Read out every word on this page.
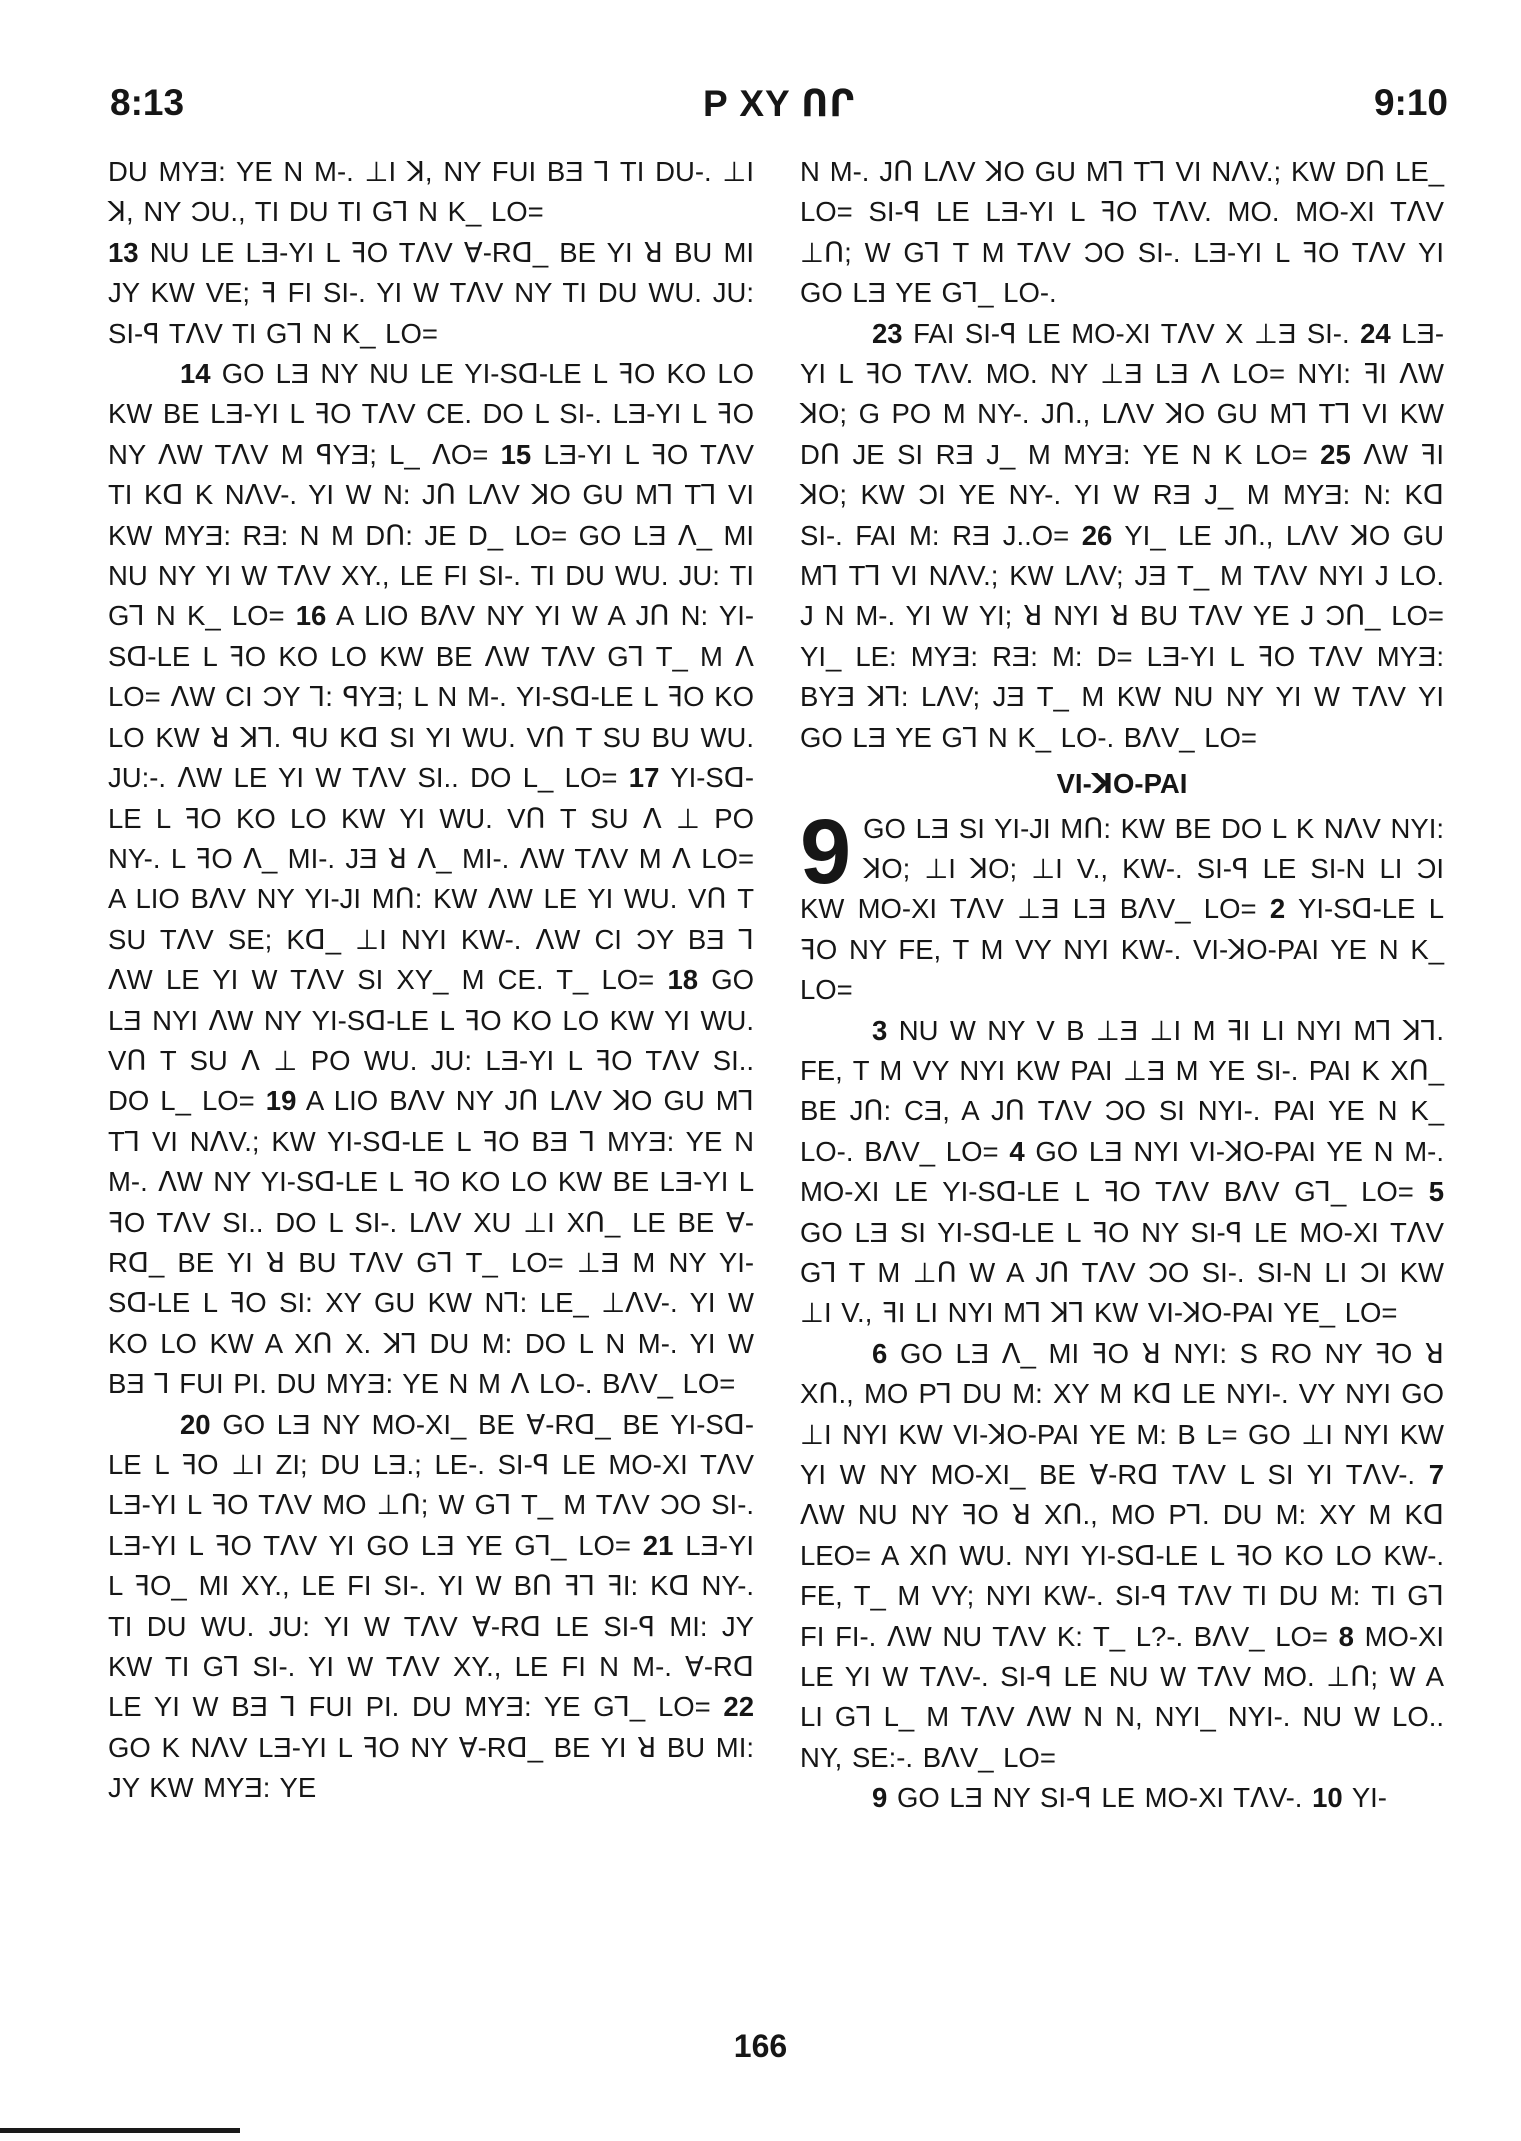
8:13	P XY ՈՐ	9:10

DU MYƎ: YE N M-. ⊥I ꓘ, NY FUI BƎ ⅂ TI DU-. ⊥I ꓘ, NY ƆU., TI DU TI G⅂ N K_ LO=

13 NU LE LƎ-YI L ꟻO TꓥV ꓯ-Rꓷ_ BE YI ꓤ BU MI JY KW VE; ꟻ FI SI-. YI W TꓥV NY TI DU WU. JU: SI-ꟼ TꓥV TI G⅂ N K_ LO=

14 GO LƎ NY NU LE YI-Sꓷ-LE L ꟻO KO LO KW BE LƎ-YI L ꟻO TꓥV CE. DO L SI-. LƎ-YI L ꟻO NY ꓥW TꓥV M ꟼYƎ; L_ ꓥO= 15 LƎ-YI L ꟻO TꓥV TI Kꓷ K NꓥV-. YI W N: JՈ LꓥV ꓘO GU M⅂ T⅂ VI KW MYƎ: RƎ: N M DՈ: JE D_ LO= GO LƎ ꓥ_ MI NU NY YI W TꓥV XY., LE FI SI-. TI DU WU. JU: TI G⅂ N K_ LO= 16 A LIO BꓥV NY YI W A JՈ N: YI-Sꓷ-LE L ꟻO KO LO KW BE ꓥW TꓥV G⅂ T_ M ꓥ LO= ꓥW CI ƆY ⅂: ꟼYƎ; L N M-. YI-Sꓷ-LE L ꟻO KO LO KW ꓤ ꓘ⅂. ꟼU Kꓷ SI YI WU. VՈ T SU BU WU. JU:-. ꓥW LE YI W TꓥV SI.. DO L_ LO= 17 YI-Sꓷ-LE L ꟻO KO LO KW YI WU. VՈ T SU ꓥ ⊥ PO NY-. L ꟻO ꓥ_ MI-. JƎ ꓤ ꓥ_ MI-. ꓥW TꓥV M ꓥ LO= A LIO BꓥV NY YI-JI MՈ: KW ꓥW LE YI WU. VՈ T SU TꓥV SE; Kꓷ_ ⊥I NYI KW-. ꓥW CI ƆY BƎ ⅂ ꓥW LE YI W TꓥV SI XY_ M CE. T_ LO= 18 GO LƎ NYI ꓥW NY YI-Sꓷ-LE L ꟻO KO LO KW YI WU. VՈ T SU ꓥ ⊥ PO WU. JU: LƎ-YI L ꟻO TꓥV SI.. DO L_ LO= 19 A LIO BꓥV NY JՈ LꓥV ꓘO GU M⅂ T⅂ VI NꓥV.; KW YI-Sꓷ-LE L ꟻO BƎ ⅂ MYƎ: YE N M-. ꓥW NY YI-Sꓷ-LE L ꟻO KO LO KW BE LƎ-YI L ꟻO TꓥV SI.. DO L SI-. LꓥV XU ⊥I XՈ_ LE BE ꓯ-Rꓷ_ BE YI ꓤ BU TꓥV G⅂ T_ LO= ⊥Ǝ M NY YI-Sꓷ-LE L ꟻO SI: XY GU KW N⅂: LE_ ⊥ꓥV-. YI W KO LO KW A XՈ X. ꓘ⅂ DU M: DO L N M-. YI W BƎ ⅂ FUI PI. DU MYƎ: YE N M ꓥ LO-. BꓥV_ LO=

20 GO LƎ NY MO-XI_ BE ꓯ-Rꓷ_ BE YI-Sꓷ-LE L ꟻO ⊥I ZI; DU LƎ.; LE-. SI-ꟼ LE MO-XI TꓥV LƎ-YI L ꟻO TꓥV MO ⊥Ո; W G⅂ T_ M TꓥV ƆO SI-. LƎ-YI L ꟻO TꓥV YI GO LƎ YE G⅂_ LO= 21 LƎ-YI L ꟻO_ MI XY., LE FI SI-. YI W BՈ ꟻ⅂ ꟻI: Kꓷ NY-. TI DU WU. JU: YI W TꓥV ꓯ-Rꓷ LE SI-ꟼ MI: JY KW TI G⅂ SI-. YI W TꓥV XY., LE FI N M-. ꓯ-Rꓷ LE YI W BƎ ⅂ FUI PI. DU MYƎ: YE G⅂_ LO= 22 GO K NꓥV LƎ-YI L ꟻO NY ꓯ-Rꓷ_ BE YI ꓤ BU MI: JY KW MYƎ: YE

N M-. JՈ LꓥV ꓘO GU M⅂ T⅂ VI NꓥV.; KW DՈ LE_ LO= SI-ꟼ LE LƎ-YI L ꟻO TꓥV. MO. MO-XI TꓥV ⊥Ո; W G⅂ T M TꓥV ƆO SI-. LƎ-YI L ꟻO TꓥV YI GO LƎ YE G⅂_ LO-.

23 FAI SI-ꟼ LE MO-XI TꓥV X ⊥Ǝ SI-. 24 LƎ-YI L ꟻO TꓥV. MO. NY ⊥Ǝ LƎ ꓥ LO= NYI: ꟻI ꓥW ꓘO; G PO M NY-. JՈ., LꓥV ꓘO GU M⅂ T⅂ VI KW DՈ JE SI RƎ J_ M MYƎ: YE N K LO= 25 ꓥW ꟻI ꓘO; KW ƆI YE NY-. YI W RƎ J_ M MYƎ: N: Kꓷ SI-. FAI M: RƎ J..O= 26 YI_ LE JՈ., LꓥV ꓘO GU M⅂ T⅂ VI NꓥV.; KW LꓥV; JƎ T_ M TꓥV NYI J LO. J N M-. YI W YI; ꓤ NYI ꓤ BU TꓥV YE J ƆՈ_ LO= YI_ LE: MYƎ: RƎ: M: D= LƎ-YI L ꟻO TꓥV MYƎ: BYƎ ꓘ⅂: LꓥV; JƎ T_ M KW NU NY YI W TꓥV YI GO LƎ YE G⅂ N K_ LO-. BꓥV_ LO=

VI-ꓘO-PAI

9 GO LƎ SI YI-JI MՈ: KW BE DO L K NꓥV NYI: ꓘO; ⊥I ꓘO; ⊥I V., KW-. SI-ꟼ LE SI-N LI ƆI KW MO-XI TꓥV ⊥Ǝ LƎ BꓥV_ LO= 2 YI-Sꓷ-LE L ꟻO NY FE, T M VY NYI KW-. VI-ꓘO-PAI YE N K_ LO=

3 NU W NY V B ⊥Ǝ ⊥I M ꟻI LI NYI M⅂ ꓘ⅂. FE, T M VY NYI KW PAI ⊥Ǝ M YE SI-. PAI K XՈ_ BE JՈ: CƎ, A JՈ TꓥV ƆO SI NYI-. PAI YE N K_ LO-. BꓥV_ LO= 4 GO LƎ NYI VI-ꓘO-PAI YE N M-. MO-XI LE YI-Sꓷ-LE L ꟻO TꓥV BꓥV G⅂_ LO= 5 GO LƎ SI YI-Sꓷ-LE L ꟻO NY SI-ꟼ LE MO-XI TꓥV G⅂ T M ⊥Ո W A JՈ TꓥV ƆO SI-. SI-N LI ƆI KW ⊥I V., ꟻI LI NYI M⅂ ꓘ⅂ KW VI-ꓘO-PAI YE_ LO=

6 GO LƎ ꓥ_ MI ꟻO ꓤ NYI: S RO NY ꟻO ꓤ XՈ., MO P⅂ DU M: XY M Kꓷ LE NYI-. VY NYI GO ⊥I NYI KW VI-ꓘO-PAI YE M: B L= GO ⊥I NYI KW YI W NY MO-XI_ BE ꓯ-Rꓷ TꓥV L SI YI TꓥV-. 7 ꓥW NU NY ꟻO ꓤ XՈ., MO P⅂. DU M: XY M Kꓷ LEO= A XՈ WU. NYI YI-Sꓷ-LE L ꟻO KO LO KW-. FE, T_ M VY; NYI KW-. SI-ꟼ TꓥV TI DU M: TI G⅂ FI FI-. ꓥW NU TꓥV K: T_ L?-. BꓥV_ LO= 8 MO-XI LE YI W TꓥV-. SI-ꟼ LE NU W TꓥV MO. ⊥Ո; W A LI G⅂ L_ M TꓥV ꓥW N N, NYI_ NYI-. NU W LO.. NY, SE:-. BꓥV_ LO=

9 GO LƎ NY SI-ꟼ LE MO-XI TꓥV-. 10 YI-

166
